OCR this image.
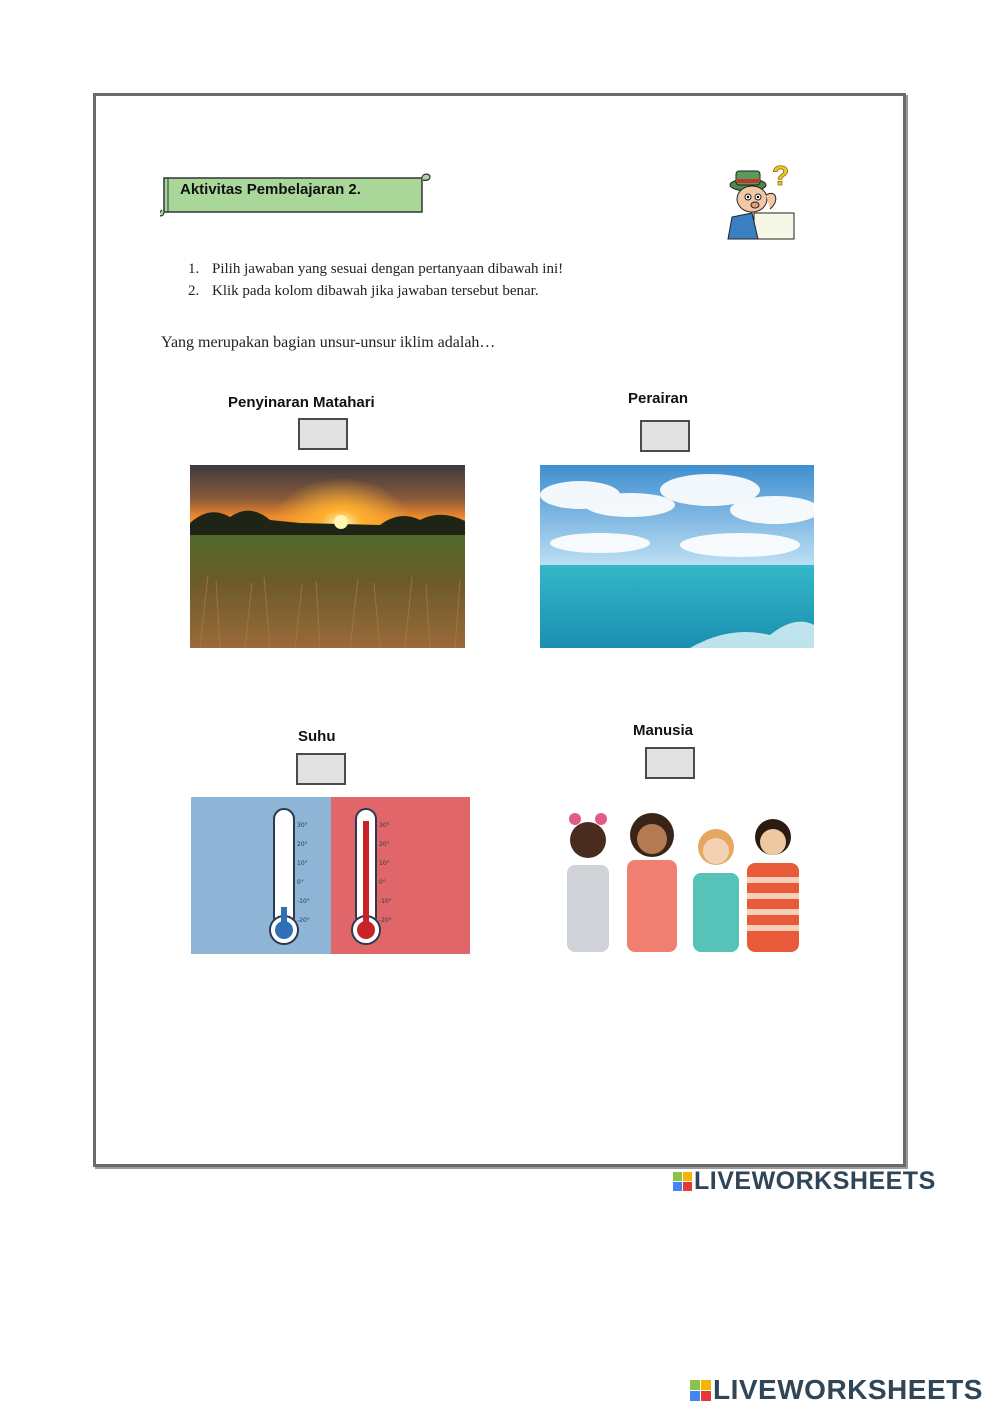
Aktivitas Pembelajaran 2.	?
1. Pilih jawaban yang sesuai dengan pertanyaan dibawah ini!
2. Klik pada kolom dibawah jika jawaban tersebut benar.
Yang merupakan bagian unsur-unsur iklim adalah…
Penyinaran Matahari	Perairan
Suhu
30°
20°
10°
0°
-10°
-20°
30°
20°
10°
0°
-10°
-20°
Manusia
LIVEWORKSHEETS
LIVEWORKSHEETS
